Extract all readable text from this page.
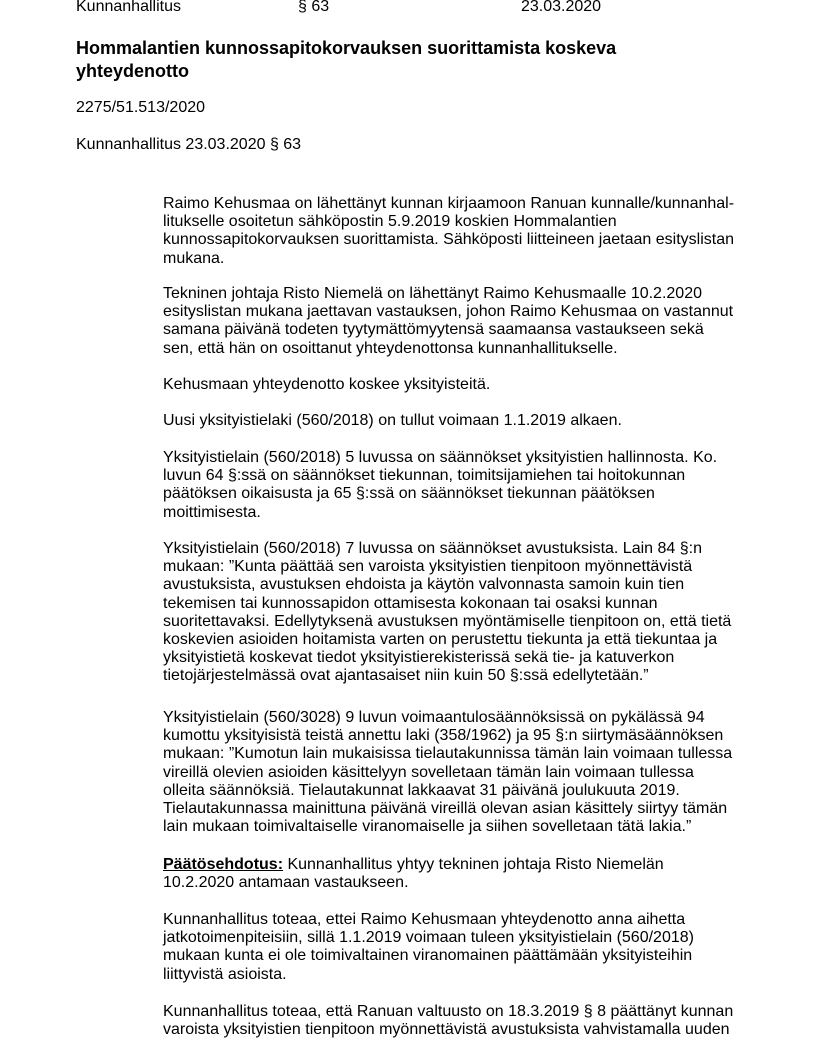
Kunnanhallitus	§ 63	23.03.2020
Hommalantien kunnossapitokorvauksen suorittamista koskeva
yhteydenotto
2275/51.513/2020
Kunnanhallitus 23.03.2020 § 63
Raimo Kehusmaa on lähettänyt kunnan kirjaamoon Ranuan kunnalle/kunnanhal-
litukselle osoitetun sähköpostin 5.9.2019 koskien Hommalantien
kunnossapitokorvauksen suorittamista. Sähköposti liitteineen jaetaan esityslistan
mukana.
Tekninen johtaja Risto Niemelä on lähettänyt Raimo Kehusmaalle 10.2.2020
esityslistan mukana jaettavan vastauksen, johon Raimo Kehusmaa on vastannut
samana päivänä todeten tyytymättömyytensä saamaansa vastaukseen sekä
sen, että hän on osoittanut yhteydenottonsa kunnanhallitukselle.
Kehusmaan yhteydenotto koskee yksityisteitä.
Uusi yksityistielaki (560/2018) on tullut voimaan 1.1.2019 alkaen.
Yksityistielain (560/2018) 5 luvussa on säännökset yksityistien hallinnosta. Ko.
luvun 64 §:ssä on säännökset tiekunnan, toimitsijamiehen tai hoitokunnan
päätöksen oikaisusta ja 65 §:ssä on säännökset tiekunnan päätöksen
moittimisesta.
Yksityistielain (560/2018) 7 luvussa on säännökset avustuksista. Lain 84 §:n
mukaan: ”Kunta päättää sen varoista yksityistien tienpitoon myönnettävistä
avustuksista, avustuksen ehdoista ja käytön valvonnasta samoin kuin tien
tekemisen tai kunnossapidon ottamisesta kokonaan tai osaksi kunnan
suoritettavaksi. Edellytyksenä avustuksen myöntämiselle tienpitoon on, että tietä
koskevien asioiden hoitamista varten on perustettu tiekunta ja että tiekuntaa ja
yksityistietä koskevat tiedot yksityistierekisterissä sekä tie- ja katuverkon
tietojärjestelmässä ovat ajantasaiset niin kuin 50 §:ssä edellytetään.”
Yksityistielain (560/3028) 9 luvun voimaantulosäännöksissä on pykälässä 94
kumottu yksityisistä teistä annettu laki (358/1962) ja 95 §:n siirtymäsäännöksen
mukaan: ”Kumotun lain mukaisissa tielautakunnissa tämän lain voimaan tullessa
vireillä olevien asioiden käsittelyyn sovelletaan tämän lain voimaan tullessa
olleita säännöksiä. Tielautakunnat lakkaavat 31 päivänä joulukuuta 2019.
Tielautakunnassa mainittuna päivänä vireillä olevan asian käsittely siirtyy tämän
lain mukaan toimivaltaiselle viranomaiselle ja siihen sovelletaan tätä lakia.”
Päätösehdotus: Kunnanhallitus yhtyy tekninen johtaja Risto Niemelän
10.2.2020 antamaan vastaukseen.
Kunnanhallitus toteaa, ettei Raimo Kehusmaan yhteydenotto anna aihetta
jatkotoimenpiteisiin, sillä 1.1.2019 voimaan tuleen yksityistielain (560/2018)
mukaan kunta ei ole toimivaltainen viranomainen päättämään yksityisteihin
liittyvistä asioista.
Kunnanhallitus toteaa, että Ranuan valtuusto on 18.3.2019 § 8 päättänyt kunnan
varoista yksityistien tienpitoon myönnettävistä avustuksista vahvistamalla uuden
